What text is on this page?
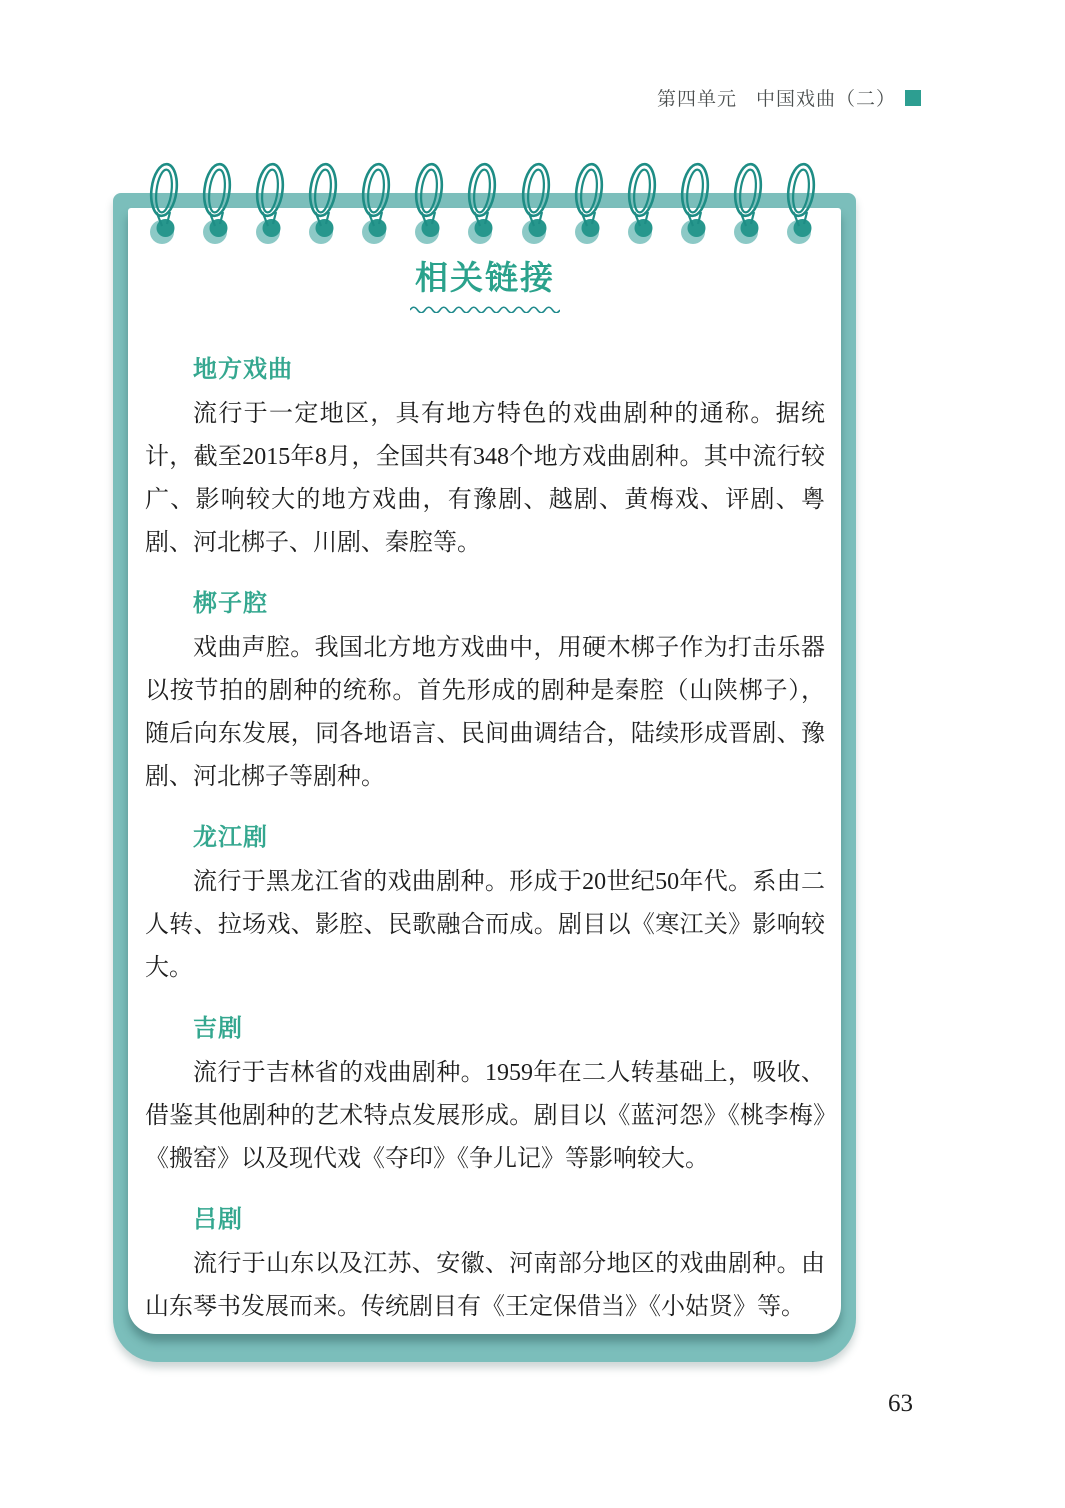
第四单元 中国戏曲（二）
相关链接
地方戏曲
流行于一定地区，具有地方特色的戏曲剧种的通称。据统计，截至2015年8月，全国共有348个地方戏曲剧种。其中流行较广、影响较大的地方戏曲，有豫剧、越剧、黄梅戏、评剧、粤剧、河北梆子、川剧、秦腔等。
梆子腔
戏曲声腔。我国北方地方戏曲中，用硬木梆子作为打击乐器以按节拍的剧种的统称。首先形成的剧种是秦腔（山陕梆子），随后向东发展，同各地语言、民间曲调结合，陆续形成晋剧、豫剧、河北梆子等剧种。
龙江剧
流行于黑龙江省的戏曲剧种。形成于20世纪50年代。系由二人转、拉场戏、影腔、民歌融合而成。剧目以《寒江关》影响较大。
吉剧
流行于吉林省的戏曲剧种。1959年在二人转基础上，吸收、借鉴其他剧种的艺术特点发展形成。剧目以《蓝河怨》《桃李梅》《搬窑》以及现代戏《夺印》《争儿记》等影响较大。
吕剧
流行于山东以及江苏、安徽、河南部分地区的戏曲剧种。由山东琴书发展而来。传统剧目有《王定保借当》《小姑贤》等。
63
